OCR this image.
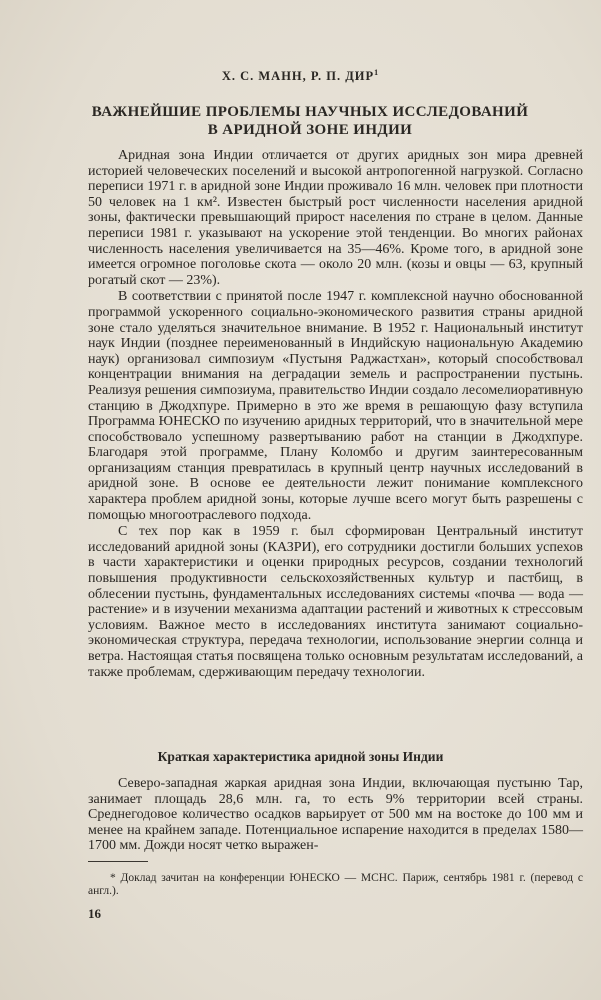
Х. С. МАНН, Р. П. ДИР$^1$
ВАЖНЕЙШИЕ ПРОБЛЕМЫ НАУЧНЫХ ИССЛЕДОВАНИЙ
В АРИДНОЙ ЗОНЕ ИНДИИ

Аридная зона Индии отличается от других аридных зон мира древней историей человеческих поселений и высокой антропогенной нагрузкой. Согласно переписи 1971 г. в аридной зоне Индии проживало 16 млн. человек при плотности 50 человек на 1 км². Известен быстрый рост численности населения аридной зоны, фактически превышающий прирост населения по стране в целом. Данные переписи 1981 г. указывают на ускорение этой тенденции. Во многих районах численность населения увеличивается на 35—46%. Кроме того, в аридной зоне имеется огромное поголовье скота — около 20 млн. (козы и овцы — 63, крупный рогатый скот — 23%).

В соответствии с принятой после 1947 г. комплексной научно обоснованной программой ускоренного социально-экономического развития страны аридной зоне стало уделяться значительное внимание. В 1952 г. Национальный институт наук Индии (позднее переименованный в Индийскую национальную Академию наук) организовал симпозиум «Пустыня Раджастхан», который способствовал концентрации внимания на деградации земель и распространении пустынь. Реализуя решения симпозиума, правительство Индии создало лесомелиоративную станцию в Джодхпуре. Примерно в это же время в решающую фазу вступила Программа ЮНЕСКО по изучению аридных территорий, что в значительной мере способствовало успешному развертыванию работ на станции в Джодхпуре. Благодаря этой программе, Плану Коломбо и другим заинтересованным организациям станция превратилась в крупный центр научных исследований в аридной зоне. В основе ее деятельности лежит понимание комплексного характера проблем аридной зоны, которые лучше всего могут быть разрешены с помощью многоотраслевого подхода.

С тех пор как в 1959 г. был сформирован Центральный институт исследований аридной зоны (КАЗРИ), его сотрудники достигли больших успехов в части характеристики и оценки природных ресурсов, создании технологий повышения продуктивности сельскохозяйственных культур и пастбищ, в облесении пустынь, фундаментальных исследованиях системы «почва — вода — растение» и в изучении механизма адаптации растений и животных к стрессовым условиям. Важное место в исследованиях института занимают социально-экономическая структура, передача технологии, использование энергии солнца и ветра. Настоящая статья посвящена только основным результатам исследований, а также проблемам, сдерживающим передачу технологии.

Краткая характеристика аридной зоны Индии

Северо-западная жаркая аридная зона Индии, включающая пустыню Тар, занимает площадь 28,6 млн. га, то есть 9% территории всей страны. Среднегодовое количество осадков варьирует от 500 мм на востоке до 100 мм и менее на крайнем западе. Потенциальное испарение находится в пределах 1580—1700 мм. Дожди носят четко выражен-

* Доклад зачитан на конференции ЮНЕСКО — МСНС. Париж, сентябрь 1981 г. (перевод с англ.).

16
